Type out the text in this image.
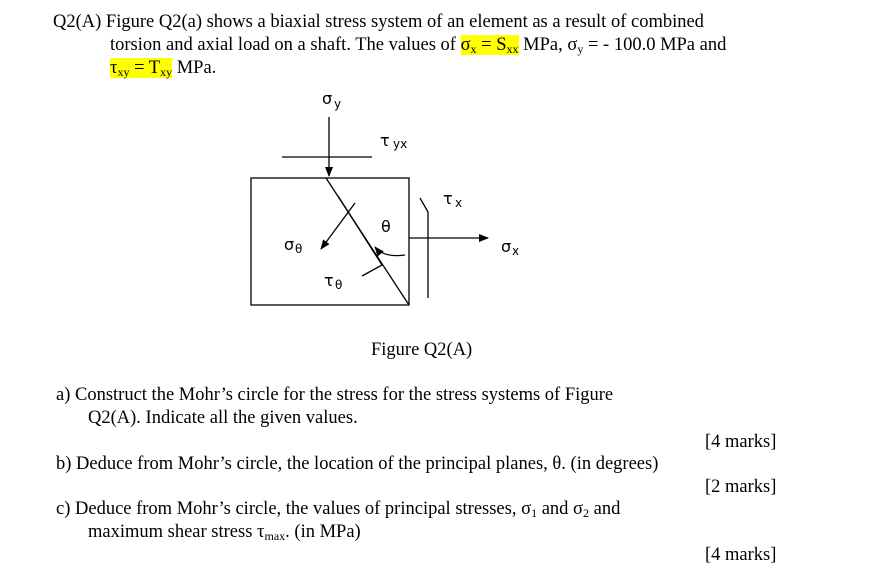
Q2(A) Figure Q2(a) shows a biaxial stress system of an element as a result of combined
torsion and axial load on a shaft. The values of $\sigma_x = S_{xx}$ MPa, $\sigma_y$ = - 100.0 MPa and
$\tau_{xy} = T_{xy}$ MPa.
σ y
τ yx
θ
σ θ
τ θ
τ x
σ x
Figure Q2(A)
a) Construct the Mohr’s circle for the stress for the stress systems of Figure
Q2(A). Indicate all the given values.
[4 marks]
b) Deduce from Mohr’s circle, the location of the principal planes, θ. (in degrees)
[2 marks]
c) Deduce from Mohr’s circle, the values of principal stresses, $\sigma_1$ and $\sigma_2$ and
maximum shear stress $\tau_{max}$. (in MPa)
[4 marks]
